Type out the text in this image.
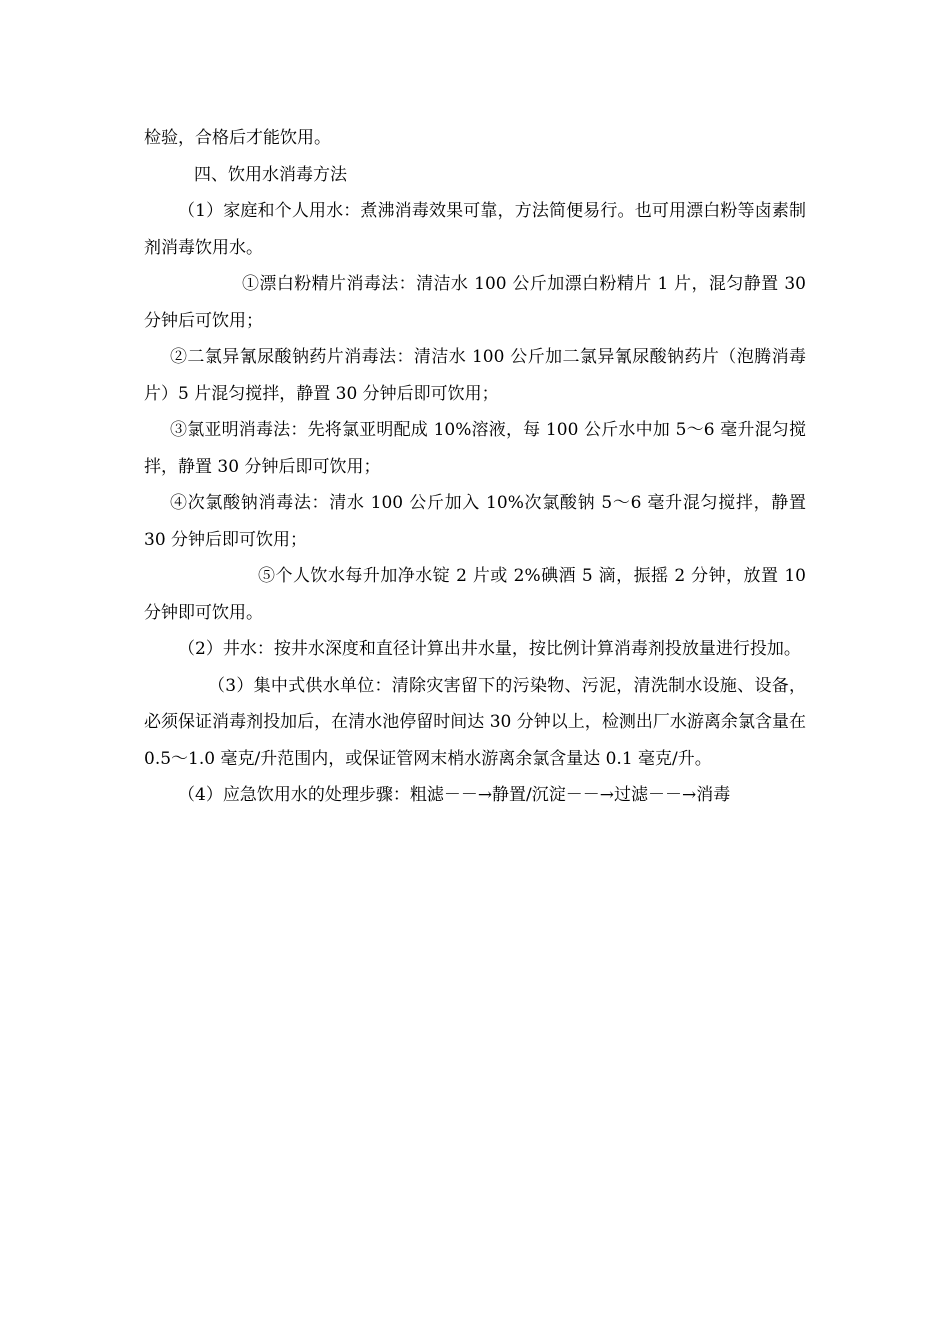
检验，合格后才能饮用。

四、饮用水消毒方法

（1）家庭和个人用水：煮沸消毒效果可靠，方法简便易行。也可用漂白粉等卤素制剂消毒饮用水。

①漂白粉精片消毒法：清洁水 100 公斤加漂白粉精片 1 片，混匀静置 30 分钟后可饮用；

②二氯异氰尿酸钠药片消毒法：清洁水 100 公斤加二氯异氰尿酸钠药片（泡腾消毒片）5 片混匀搅拌，静置 30 分钟后即可饮用；

③氯亚明消毒法：先将氯亚明配成 10%溶液，每 100 公斤水中加 5～6 毫升混匀搅拌，静置 30 分钟后即可饮用；

④次氯酸钠消毒法：清水 100 公斤加入 10%次氯酸钠 5～6 毫升混匀搅拌，静置 30 分钟后即可饮用；

⑤个人饮水每升加净水锭 2 片或 2%碘酒 5 滴，振摇 2 分钟，放置 10 分钟即可饮用。

（2）井水：按井水深度和直径计算出井水量，按比例计算消毒剂投放量进行投加。

（3）集中式供水单位：清除灾害留下的污染物、污泥，清洗制水设施、设备，必须保证消毒剂投加后，在清水池停留时间达 30 分钟以上，检测出厂水游离余氯含量在 0.5～1.0 毫克/升范围内，或保证管网末梢水游离余氯含量达 0.1 毫克/升。

（4）应急饮用水的处理步骤：粗滤－－→静置/沉淀－－→过滤－－→消毒
